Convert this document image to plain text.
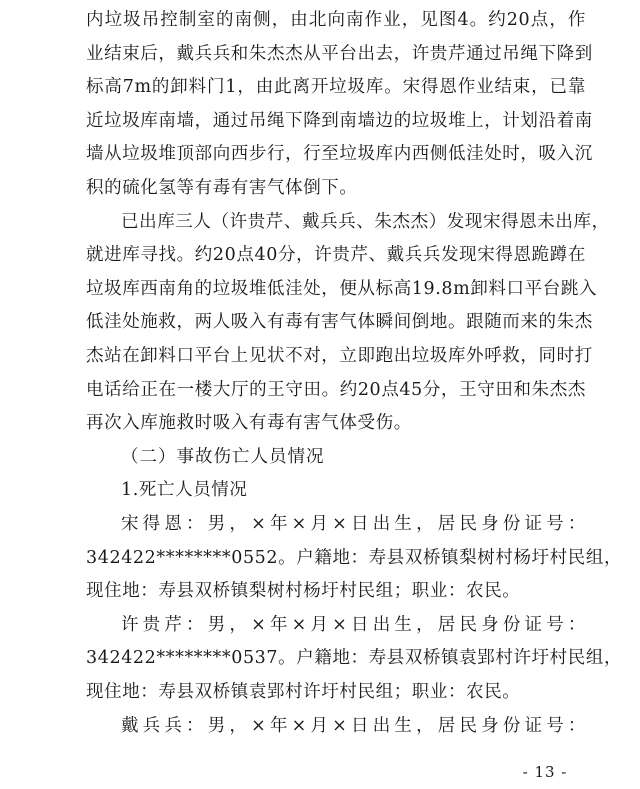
内垃圾吊控制室的南侧，由北向南作业，见图4。约20点，作
业结束后，戴兵兵和朱杰杰从平台出去，许贵芹通过吊绳下降到
标高7m的卸料门1，由此离开垃圾库。宋得恩作业结束，已靠
近垃圾库南墙，通过吊绳下降到南墙边的垃圾堆上，计划沿着南
墙从垃圾堆顶部向西步行，行至垃圾库内西侧低洼处时，吸入沉
积的硫化氢等有毒有害气体倒下。
已出库三人（许贵芹、戴兵兵、朱杰杰）发现宋得恩未出库，
就进库寻找。约20点40分，许贵芹、戴兵兵发现宋得恩跪蹲在
垃圾库西南角的垃圾堆低洼处，便从标高19.8m卸料口平台跳入
低洼处施救，两人吸入有毒有害气体瞬间倒地。跟随而来的朱杰
杰站在卸料口平台上见状不对，立即跑出垃圾库外呼救，同时打
电话给正在一楼大厅的王守田。约20点45分，王守田和朱杰杰
再次入库施救时吸入有毒有害气体受伤。
（二）事故伤亡人员情况
1.死亡人员情况
宋得恩：男，×年×月×日出生，居民身份证号：
342422********0552。户籍地：寿县双桥镇梨树村杨圩村民组，
现住地：寿县双桥镇梨树村杨圩村民组；职业：农民。
许贵芹：男，×年×月×日出生，居民身份证号：
342422********0537。户籍地：寿县双桥镇袁郢村许圩村民组，
现住地：寿县双桥镇袁郢村许圩村民组；职业：农民。
戴兵兵：男，×年×月×日出生，居民身份证号：
- 13 -
